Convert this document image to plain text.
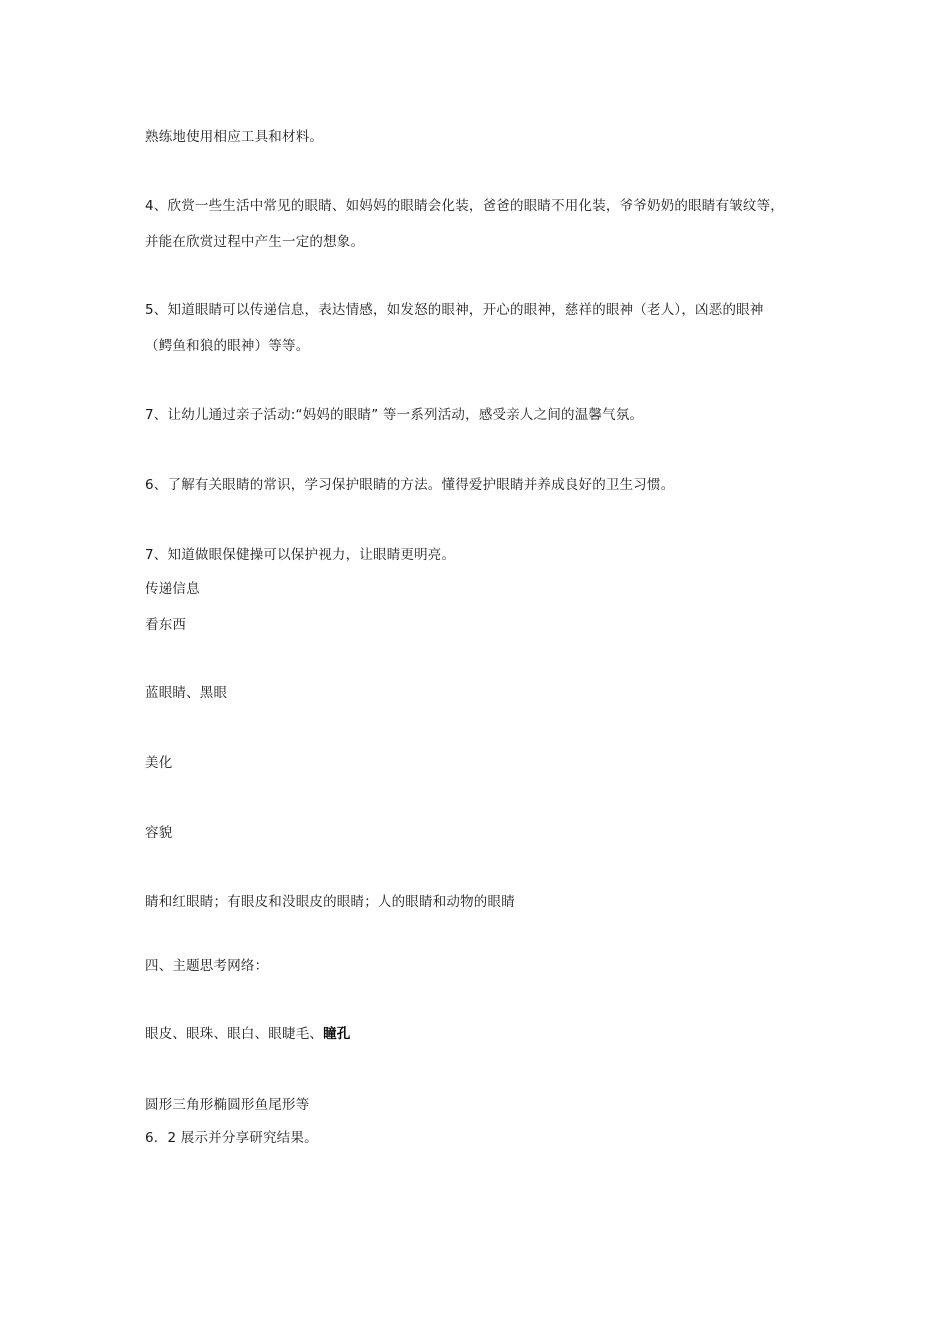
熟练地使用相应工具和材料。
4、欣赏一些生活中常见的眼睛、如妈妈的眼睛会化装，爸爸的眼睛不用化装，爷爷奶奶的眼睛有皱纹等，
并能在欣赏过程中产生一定的想象。
5、知道眼睛可以传递信息，表达情感，如发怒的眼神，开心的眼神，慈祥的眼神（老人），凶恶的眼神
（鳄鱼和狼的眼神）等等。
7、让幼儿通过亲子活动:“妈妈的眼睛” 等一系列活动，感受亲人之间的温馨气氛。
6、了解有关眼睛的常识，学习保护眼睛的方法。懂得爱护眼睛并养成良好的卫生习惯。
7、知道做眼保健操可以保护视力，让眼睛更明亮。
传递信息
看东西
蓝眼睛、黑眼
美化
容貌
睛和红眼睛；有眼皮和没眼皮的眼睛；人的眼睛和动物的眼睛
四、主题思考网络：
眼皮、眼珠、眼白、眼睫毛、瞳孔
圆形三角形椭圆形鱼尾形等
6．2 展示并分享研究结果。
